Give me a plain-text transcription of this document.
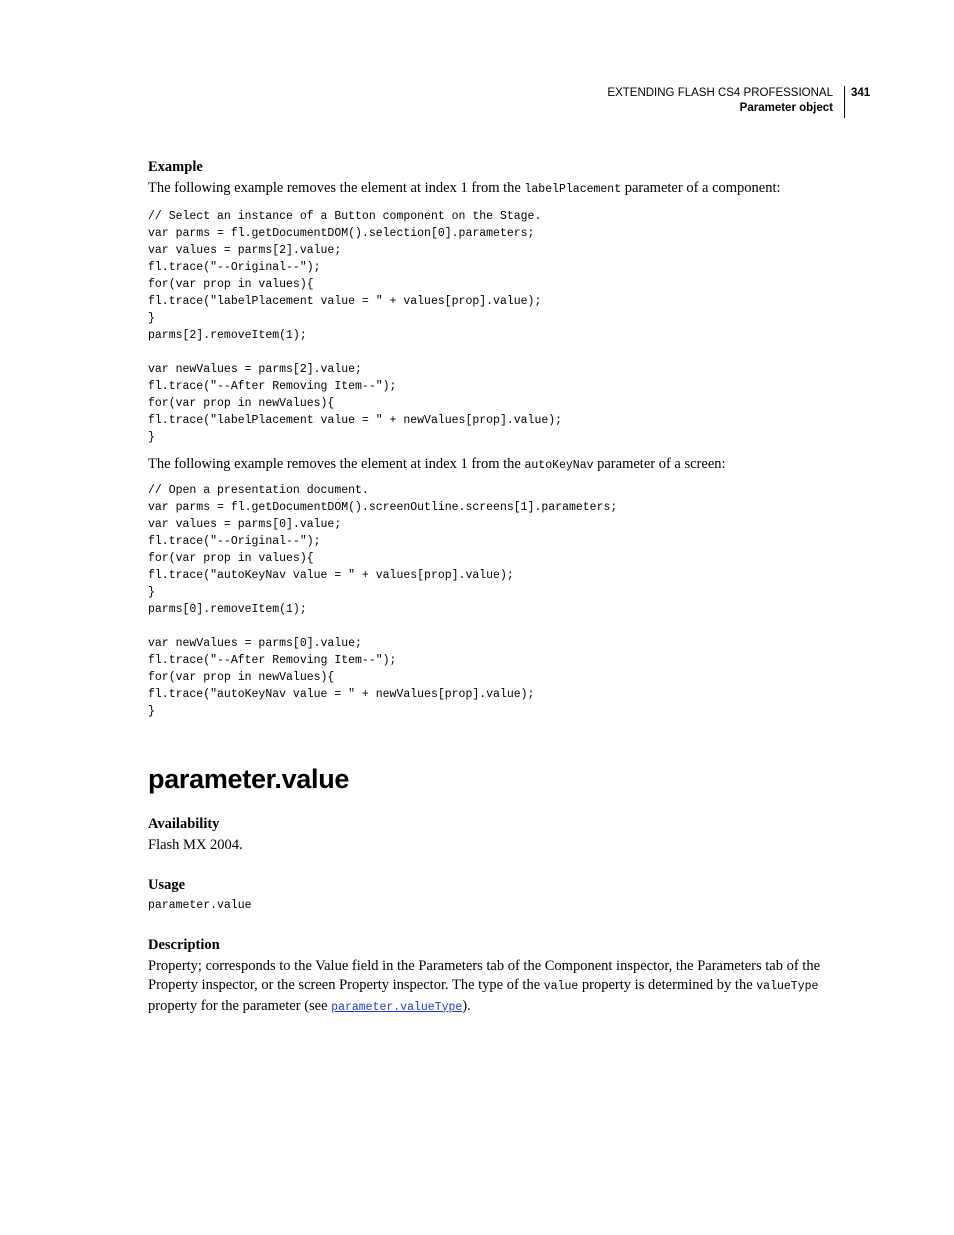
EXTENDING FLASH CS4 PROFESSIONAL
Parameter object
341
Example

The following example removes the element at index 1 from the labelPlacement parameter of a component:

// Select an instance of a Button component on the Stage.
var parms = fl.getDocumentDOM().selection[0].parameters;
var values = parms[2].value;
fl.trace("--Original--");
for(var prop in values){
fl.trace("labelPlacement value = " + values[prop].value);
}
parms[2].removeItem(1);

var newValues = parms[2].value;
fl.trace("--After Removing Item--");
for(var prop in newValues){
fl.trace("labelPlacement value = " + newValues[prop].value);
}

The following example removes the element at index 1 from the autoKeyNav parameter of a screen:

// Open a presentation document.
var parms = fl.getDocumentDOM().screenOutline.screens[1].parameters;
var values = parms[0].value;
fl.trace("--Original--");
for(var prop in values){
fl.trace("autoKeyNav value = " + values[prop].value);
}
parms[0].removeItem(1);

var newValues = parms[0].value;
fl.trace("--After Removing Item--");
for(var prop in newValues){
fl.trace("autoKeyNav value = " + newValues[prop].value);
}
parameter.value
Availability

Flash MX 2004.

Usage
parameter.value
Description

Property; corresponds to the Value field in the Parameters tab of the Component inspector, the Parameters tab of the
Property inspector, or the screen Property inspector. The type of the value property is determined by the valueType
property for the parameter (see parameter.valueType).
